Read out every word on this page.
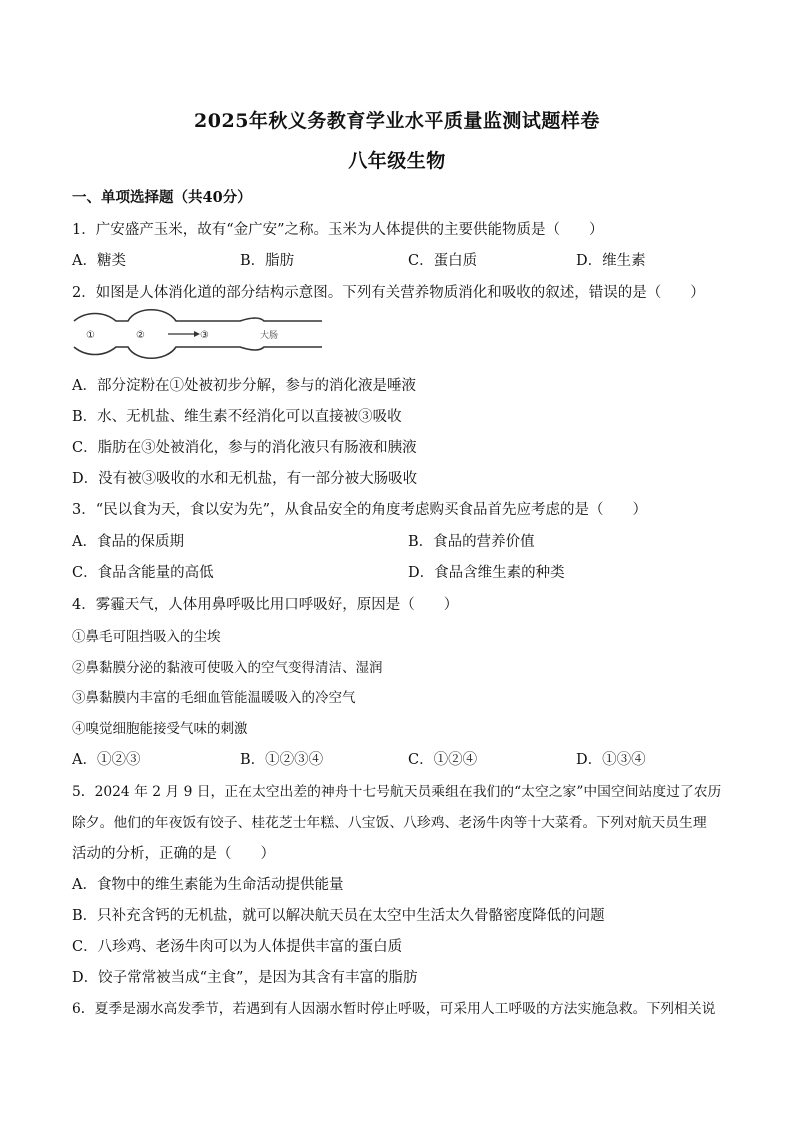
2025年秋义务教育学业水平质量监测试题样卷
八年级生物
一、单项选择题（共40分）
1．广安盛产玉米，故有“金广安”之称。玉米为人体提供的主要供能物质是（　　）
A．糖类	B．脂肪	C．蛋白质	D．维生素
2．如图是人体消化道的部分结构示意图。下列有关营养物质消化和吸收的叙述，错误的是（　　）
①	②	③	大肠
A．部分淀粉在①处被初步分解，参与的消化液是唾液
B．水、无机盐、维生素不经消化可以直接被③吸收
C．脂肪在③处被消化，参与的消化液只有肠液和胰液
D．没有被③吸收的水和无机盐，有一部分被大肠吸收
3．“民以食为天，食以安为先”，从食品安全的角度考虑购买食品首先应考虑的是（　　）
A．食品的保质期	B．食品的营养价值
C．食品含能量的高低	D．食品含维生素的种类
4．雾霾天气，人体用鼻呼吸比用口呼吸好，原因是（　　）
①鼻毛可阻挡吸入的尘埃
②鼻黏膜分泌的黏液可使吸入的空气变得清洁、湿润
③鼻黏膜内丰富的毛细血管能温暖吸入的冷空气
④嗅觉细胞能接受气味的刺激
A．①②③	B．①②③④	C．①②④	D．①③④
5．2024 年 2 月 9 日，正在太空出差的神舟十七号航天员乘组在我们的“太空之家”中国空间站度过了农历
除夕。他们的年夜饭有饺子、桂花芝士年糕、八宝饭、八珍鸡、老汤牛肉等十大菜肴。下列对航天员生理
活动的分析，正确的是（　　）
A．食物中的维生素能为生命活动提供能量
B．只补充含钙的无机盐，就可以解决航天员在太空中生活太久骨骼密度降低的问题
C．八珍鸡、老汤牛肉可以为人体提供丰富的蛋白质
D．饺子常常被当成“主食”，是因为其含有丰富的脂肪
6．夏季是溺水高发季节，若遇到有人因溺水暂时停止呼吸，可采用人工呼吸的方法实施急救。下列相关说
